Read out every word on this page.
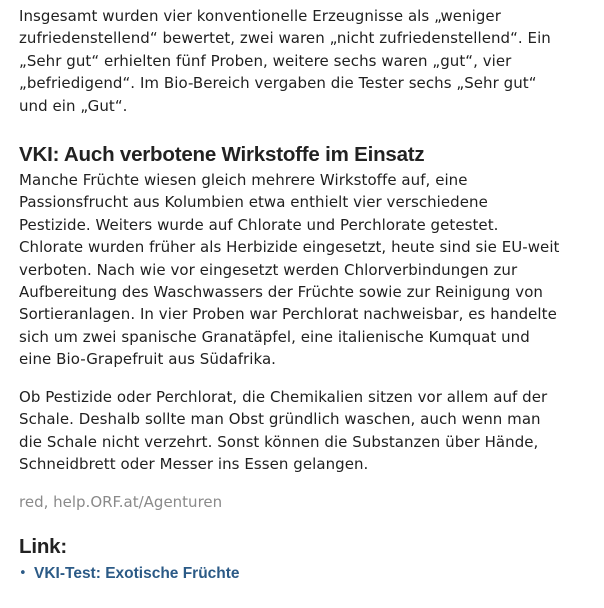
Insgesamt wurden vier konventionelle Erzeugnisse als „weniger
zufriedenstellend“ bewertet, zwei waren „nicht zufriedenstellend“. Ein
„Sehr gut“ erhielten fünf Proben, weitere sechs waren „gut“, vier
„befriedigend“. Im Bio-Bereich vergaben die Tester sechs „Sehr gut“
und ein „Gut“.

VKI: Auch verbotene Wirkstoffe im Einsatz

Manche Früchte wiesen gleich mehrere Wirkstoffe auf, eine
Passionsfrucht aus Kolumbien etwa enthielt vier verschiedene
Pestizide. Weiters wurde auf Chlorate und Perchlorate getestet.
Chlorate wurden früher als Herbizide eingesetzt, heute sind sie EU-weit
verboten. Nach wie vor eingesetzt werden Chlorverbindungen zur
Aufbereitung des Waschwassers der Früchte sowie zur Reinigung von
Sortieranlagen. In vier Proben war Perchlorat nachweisbar, es handelte
sich um zwei spanische Granatäpfel, eine italienische Kumquat und
eine Bio-Grapefruit aus Südafrika.

Ob Pestizide oder Perchlorat, die Chemikalien sitzen vor allem auf der
Schale. Deshalb sollte man Obst gründlich waschen, auch wenn man
die Schale nicht verzehrt. Sonst können die Substanzen über Hände,
Schneidbrett oder Messer ins Essen gelangen.

red, help.ORF.at/Agenturen

Link:
• VKI-Test: Exotische Früchte
